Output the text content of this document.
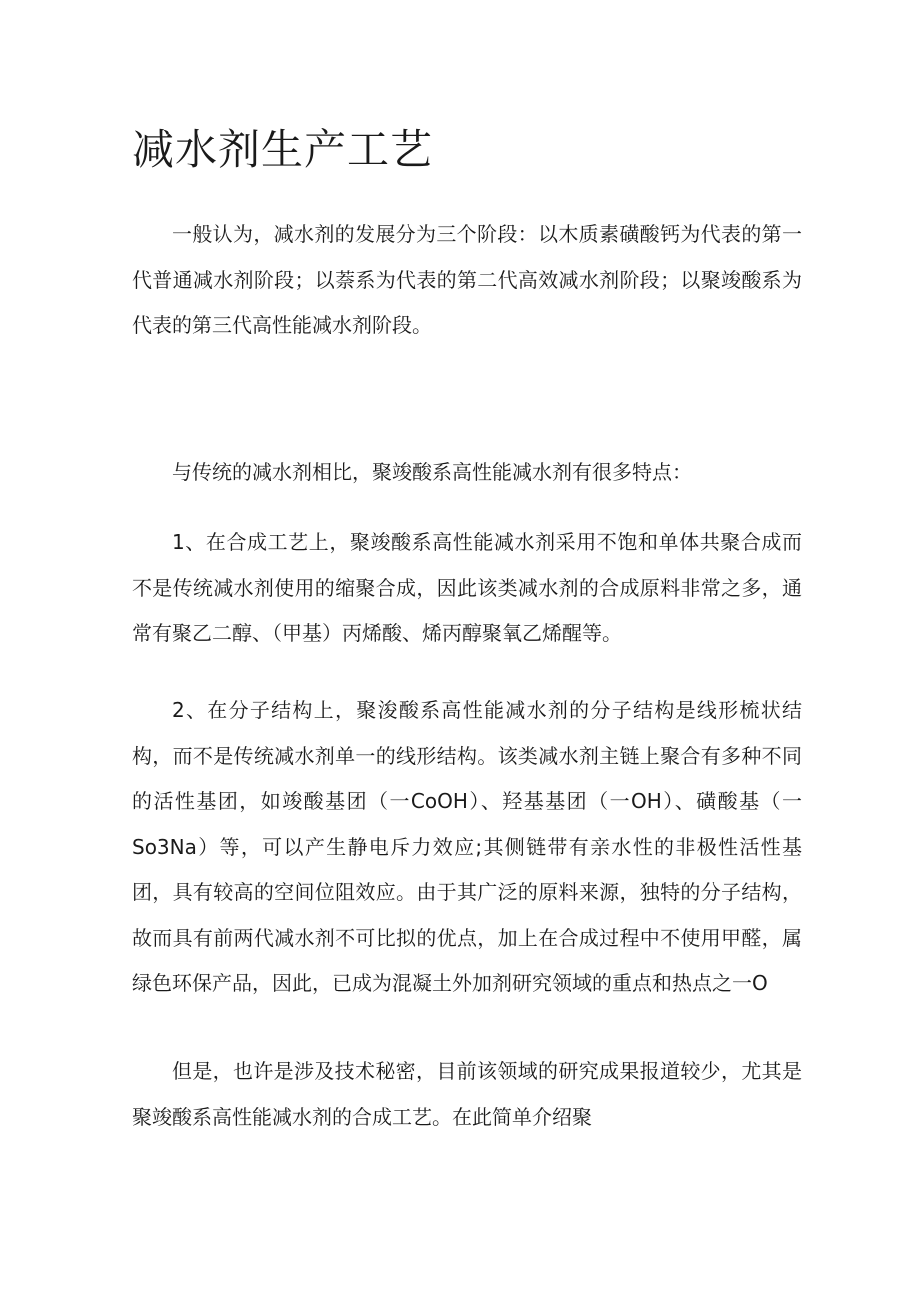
减水剂生产工艺

一般认为，减水剂的发展分为三个阶段：以木质素磺酸钙为代表的第一代普通减水剂阶段；以萘系为代表的第二代高效减水剂阶段；以聚竣酸系为代表的第三代高性能减水剂阶段。

与传统的减水剂相比，聚竣酸系高性能减水剂有很多特点：

1、在合成工艺上，聚竣酸系高性能减水剂采用不饱和单体共聚合成而不是传统减水剂使用的缩聚合成，因此该类减水剂的合成原料非常之多，通常有聚乙二醇、（甲基）丙烯酸、烯丙醇聚氧乙烯醒等。

2、在分子结构上，聚浚酸系高性能减水剂的分子结构是线形梳状结构，而不是传统减水剂单一的线形结构。该类减水剂主链上聚合有多种不同的活性基团，如竣酸基团（一CoOH）、羟基基团（一OH）、磺酸基（一So3Na）等，可以产生静电斥力效应;其侧链带有亲水性的非极性活性基团，具有较高的空间位阻效应。由于其广泛的原料来源，独特的分子结构，故而具有前两代减水剂不可比拟的优点，加上在合成过程中不使用甲醛，属绿色环保产品，因此，已成为混凝土外加剂研究领域的重点和热点之一O

但是，也许是涉及技术秘密，目前该领域的研究成果报道较少，尤其是聚竣酸系高性能减水剂的合成工艺。在此简单介绍聚
